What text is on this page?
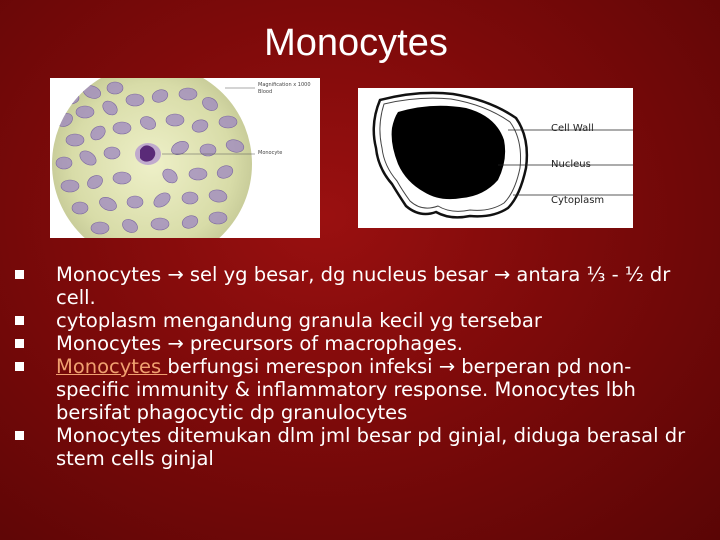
Monocytes
Magnification x 1000
Blood
Monocyte
Cell Wall
Nucleus
Cytoplasm
Monocytes → sel yg besar, dg nucleus besar → antara ⅓ - ½ dr cell.
cytoplasm mengandung granula kecil yg tersebar
Monocytes → precursors of macrophages.
Monocytes berfungsi merespon infeksi → berperan pd non-specific immunity & inflammatory response. Monocytes lbh bersifat phagocytic dp granulocytes
Monocytes ditemukan dlm jml besar pd ginjal, diduga berasal dr stem cells ginjal
